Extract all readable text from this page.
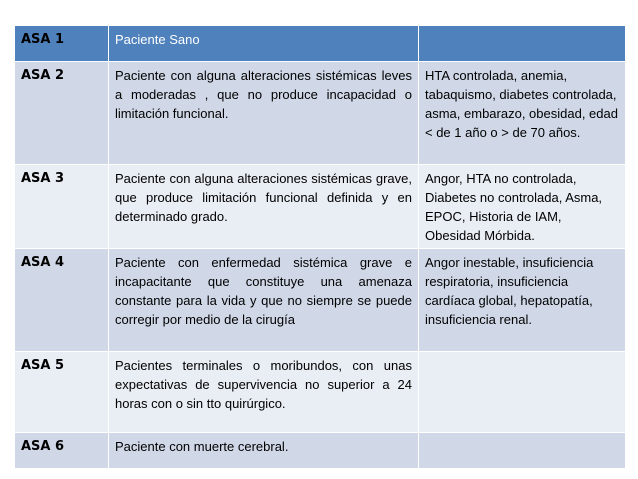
ASA 1	Paciente Sano	
ASA 2	Paciente con alguna alteraciones sistémicas leves a moderadas , que no produce incapacidad o limitación funcional.	HTA controlada, anemia, tabaquismo, diabetes controlada, asma, embarazo, obesidad, edad < de 1 año o > de 70 años.
ASA 3	Paciente con alguna alteraciones sistémicas grave, que produce limitación funcional definida y en determinado grado.	Angor, HTA no controlada, Diabetes no controlada, Asma, EPOC, Historia de IAM, Obesidad Mórbida.
ASA 4	Paciente con enfermedad sistémica grave e incapacitante que constituye una amenaza constante para la vida y que no siempre se puede corregir por medio de la cirugía	Angor inestable, insuficiencia respiratoria, insuficiencia cardíaca global, hepatopatía, insuficiencia renal.
ASA 5	Pacientes terminales o moribundos, con unas expectativas de supervivencia no superior a 24 horas con o sin tto quirúrgico.	
ASA 6	Paciente con muerte cerebral.	
